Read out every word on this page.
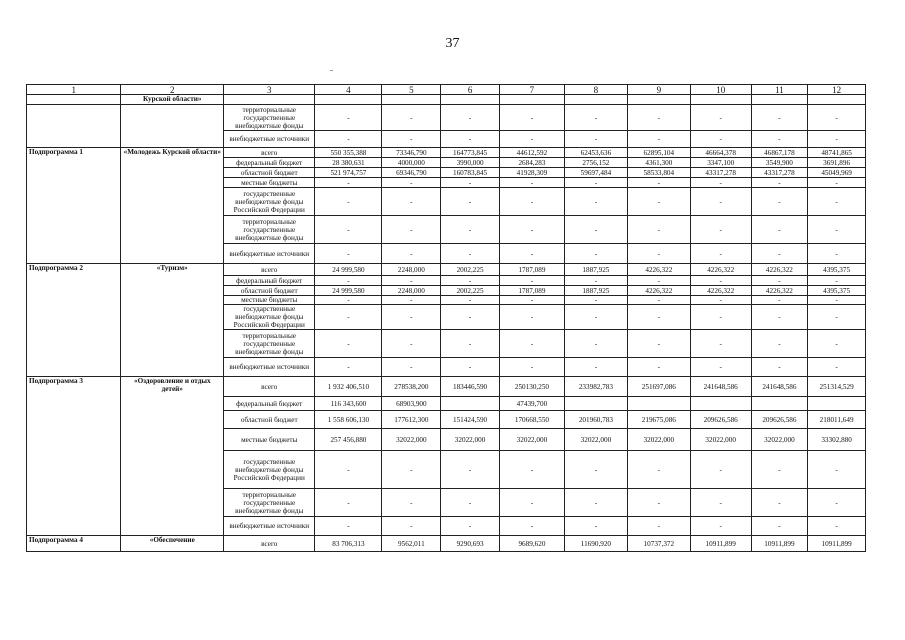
37
1	2	3	4	5	6	7	8	9	10	11	12
	Курской области»										
		территориальные государственные внебюджетные фонды	-	-	-	-	-	-	-	-	-
		внебюджетные источники	-	-	-	-	-	-	-	-	-
Подпрограмма 1	«Молодежь Курской области»	всего	550 355,388	73346,790	164773,845	44612,592	62453,636	62895,104	46664,378	46867,178	48741,865
		федеральный бюджет	28 380,631	4000,000	3990,000	2684,283	2756,152	4361,300	3347,100	3549,900	3691,896
		областной бюджет	521 974,757	69346,790	160783,845	41928,309	59697,484	58533,804	43317,278	43317,278	45049,969
		местные бюджеты	-	-	-	-	-	-	-	-	-
		государственные внебюджетные фонды Российской Федерации	-	-	-	-	-	-	-	-	-
		территориальные государственные внебюджетные фонды	-	-	-	-	-	-	-	-	-
		внебюджетные источники	-	-	-	-	-	-	-	-	-
Подпрограмма 2	«Туризм»	всего	24 999,580	2248,000	2002,225	1787,089	1887,925	4226,322	4226,322	4226,322	4395,375
		федеральный бюджет	-	-	-	-	-	-	-	-	-
		областной бюджет	24 999,580	2248,000	2002,225	1787,089	1887,925	4226,322	4226,322	4226,322	4395,375
		местные бюджеты	-	-	-	-	-	-	-	-	-
		государственные внебюджетные фонды Российской Федерации	-	-	-	-	-	-	-	-	-
		территориальные государственные внебюджетные фонды	-	-	-	-	-	-	-	-	-
		внебюджетные источники	-	-	-	-	-	-	-	-	-
Подпрограмма 3	«Оздоровление и отдых детей»	всего	1 932 406,510	278538,200	183446,590	250130,250	233982,783	251697,086	241648,586	241648,586	251314,529
		федеральный бюджет	116 343,600	68903,900		47439,700					
		областной бюджет	1 558 606,130	177612,300	151424,590	170668,550	201960,783	219675,086	209626,586	209626,586	218011,649
		местные бюджеты	257 456,880	32022,000	32022,000	32022,000	32022,000	32022,000	32022,000	32022,000	33302,880
		государственные внебюджетные фонды Российской Федерации	-	-	-	-	-	-	-	-	-
		территориальные государственные внебюджетные фонды	-	-	-	-	-	-	-	-	-
		внебюджетные источники	-	-	-	-	-	-	-	-	-
Подпрограмма 4	«Обеспечение	всего	83 706,313	9562,011	9290,693	9689,620	11690,920	10737,372	10911,899	10911,899	10911,899
